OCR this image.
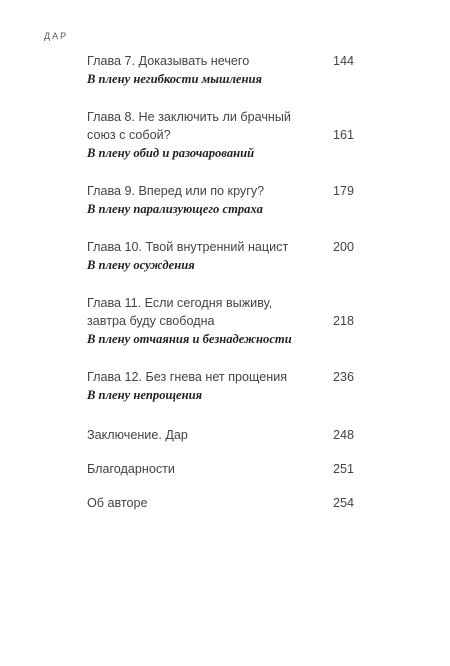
ДАР
Глава 7. Доказывать нечего	144
В плену негибкости мышления
Глава 8. Не заключить ли брачный
союз с собой?	161
В плену обид и разочарований
Глава 9. Вперед или по кругу?	179
В плену парализующего страха
Глава 10. Твой внутренний нацист	200
В плену осуждения
Глава 11. Если сегодня выживу,
завтра буду свободна	218
В плену отчаяния и безнадежности
Глава 12. Без гнева нет прощения	236
В плену непрощения
Заключение. Дар	248
Благодарности	251
Об авторе	254
